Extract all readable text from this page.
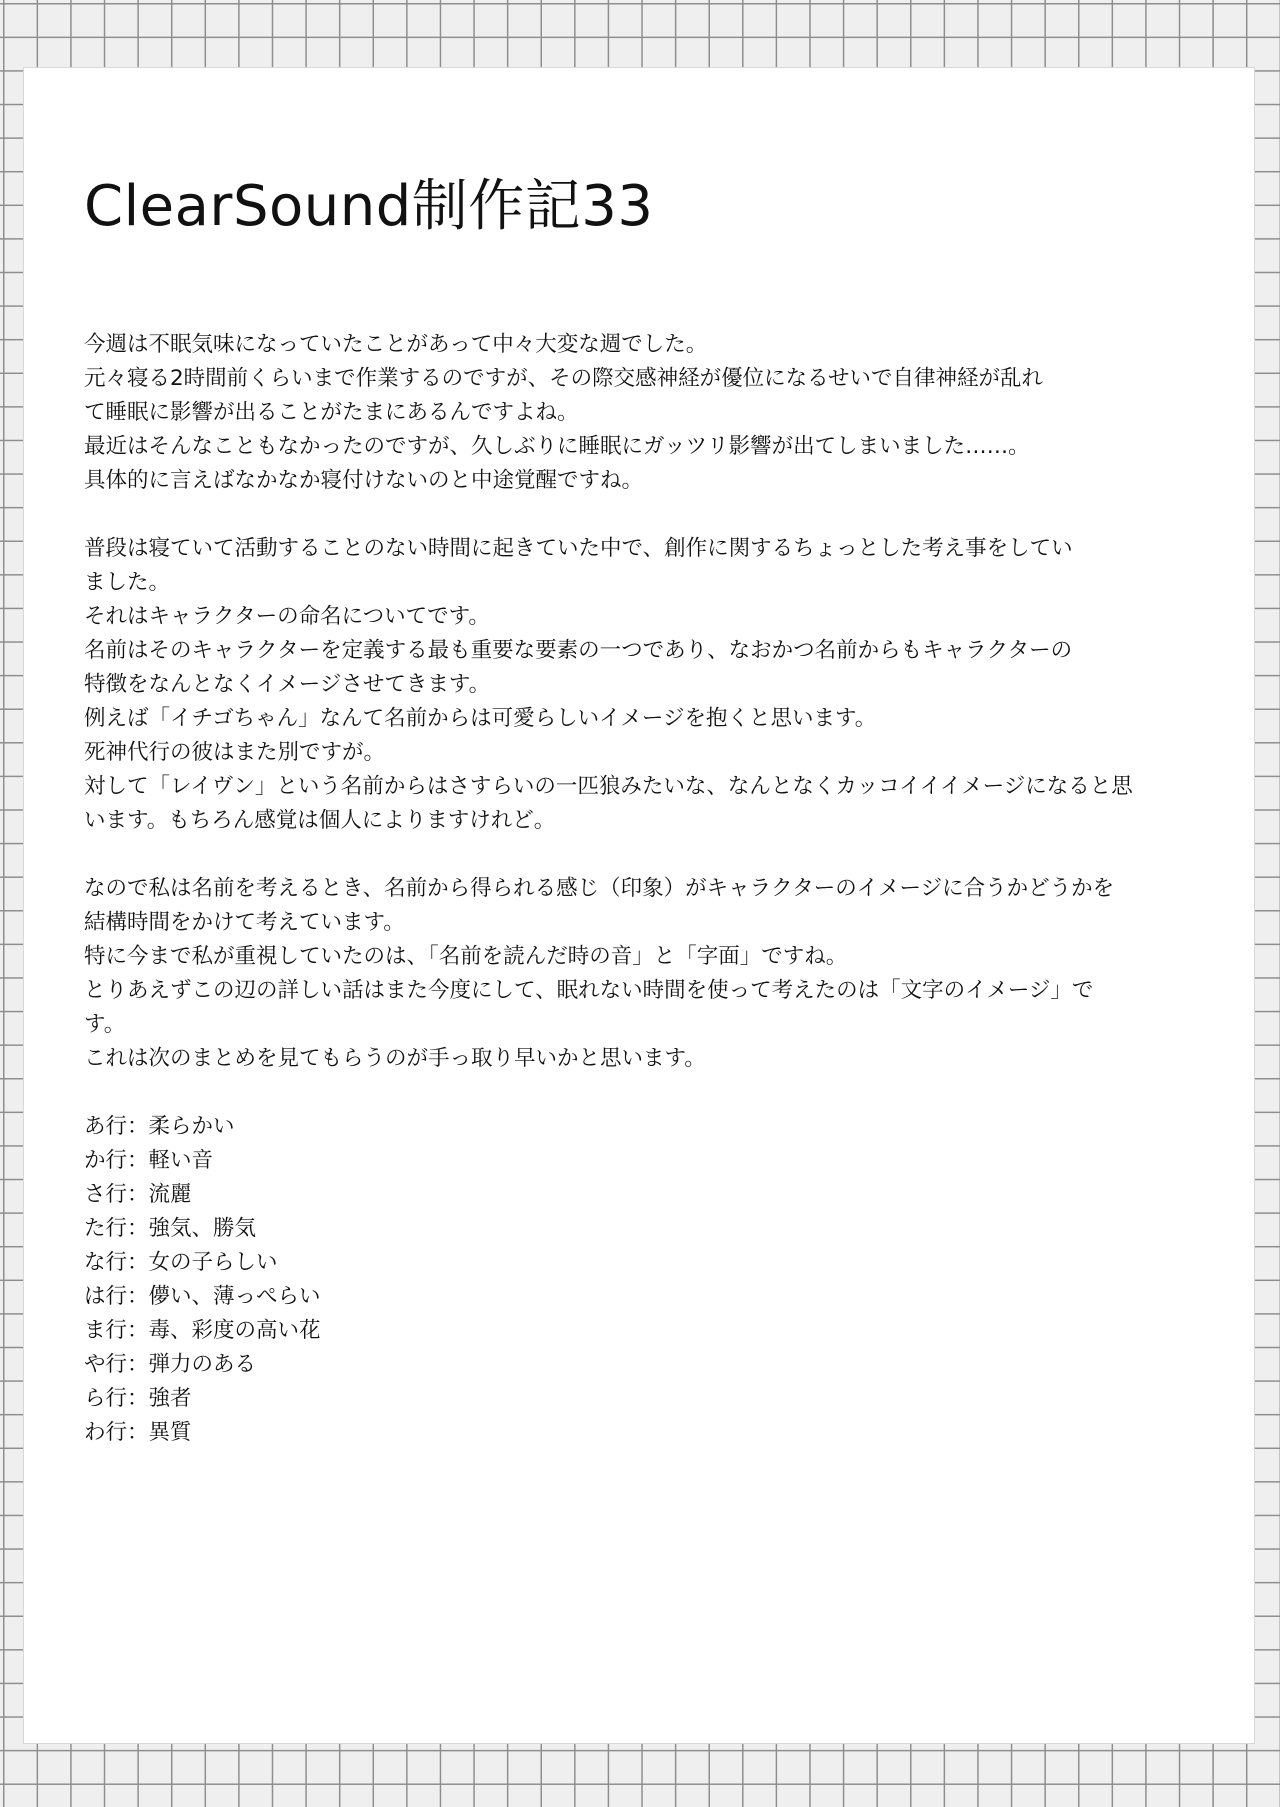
ClearSound制作記33

今週は不眠気味になっていたことがあって中々大変な週でした。
元々寝る2時間前くらいまで作業するのですが、その際交感神経が優位になるせいで自律神経が乱れ
て睡眠に影響が出ることがたまにあるんですよね。
最近はそんなこともなかったのですが、久しぶりに睡眠にガッツリ影響が出てしまいました……。
具体的に言えばなかなか寝付けないのと中途覚醒ですね。

普段は寝ていて活動することのない時間に起きていた中で、創作に関するちょっとした考え事をしてい
ました。
それはキャラクターの命名についてです。
名前はそのキャラクターを定義する最も重要な要素の一つであり、なおかつ名前からもキャラクターの
特徴をなんとなくイメージさせてきます。
例えば「イチゴちゃん」なんて名前からは可愛らしいイメージを抱くと思います。
死神代行の彼はまた別ですが。
対して「レイヴン」という名前からはさすらいの一匹狼みたいな、なんとなくカッコイイイメージになると思
います。もちろん感覚は個人によりますけれど。

なので私は名前を考えるとき、名前から得られる感じ（印象）がキャラクターのイメージに合うかどうかを
結構時間をかけて考えています。
特に今まで私が重視していたのは、「名前を読んだ時の音」と「字面」ですね。
とりあえずこの辺の詳しい話はまた今度にして、眠れない時間を使って考えたのは「文字のイメージ」で
す。
これは次のまとめを見てもらうのが手っ取り早いかと思います。

あ行：柔らかい
か行：軽い音
さ行：流麗
た行：強気、勝気
な行：女の子らしい
は行：儚い、薄っぺらい
ま行：毒、彩度の高い花
や行：弾力のある
ら行：強者
わ行：異質
